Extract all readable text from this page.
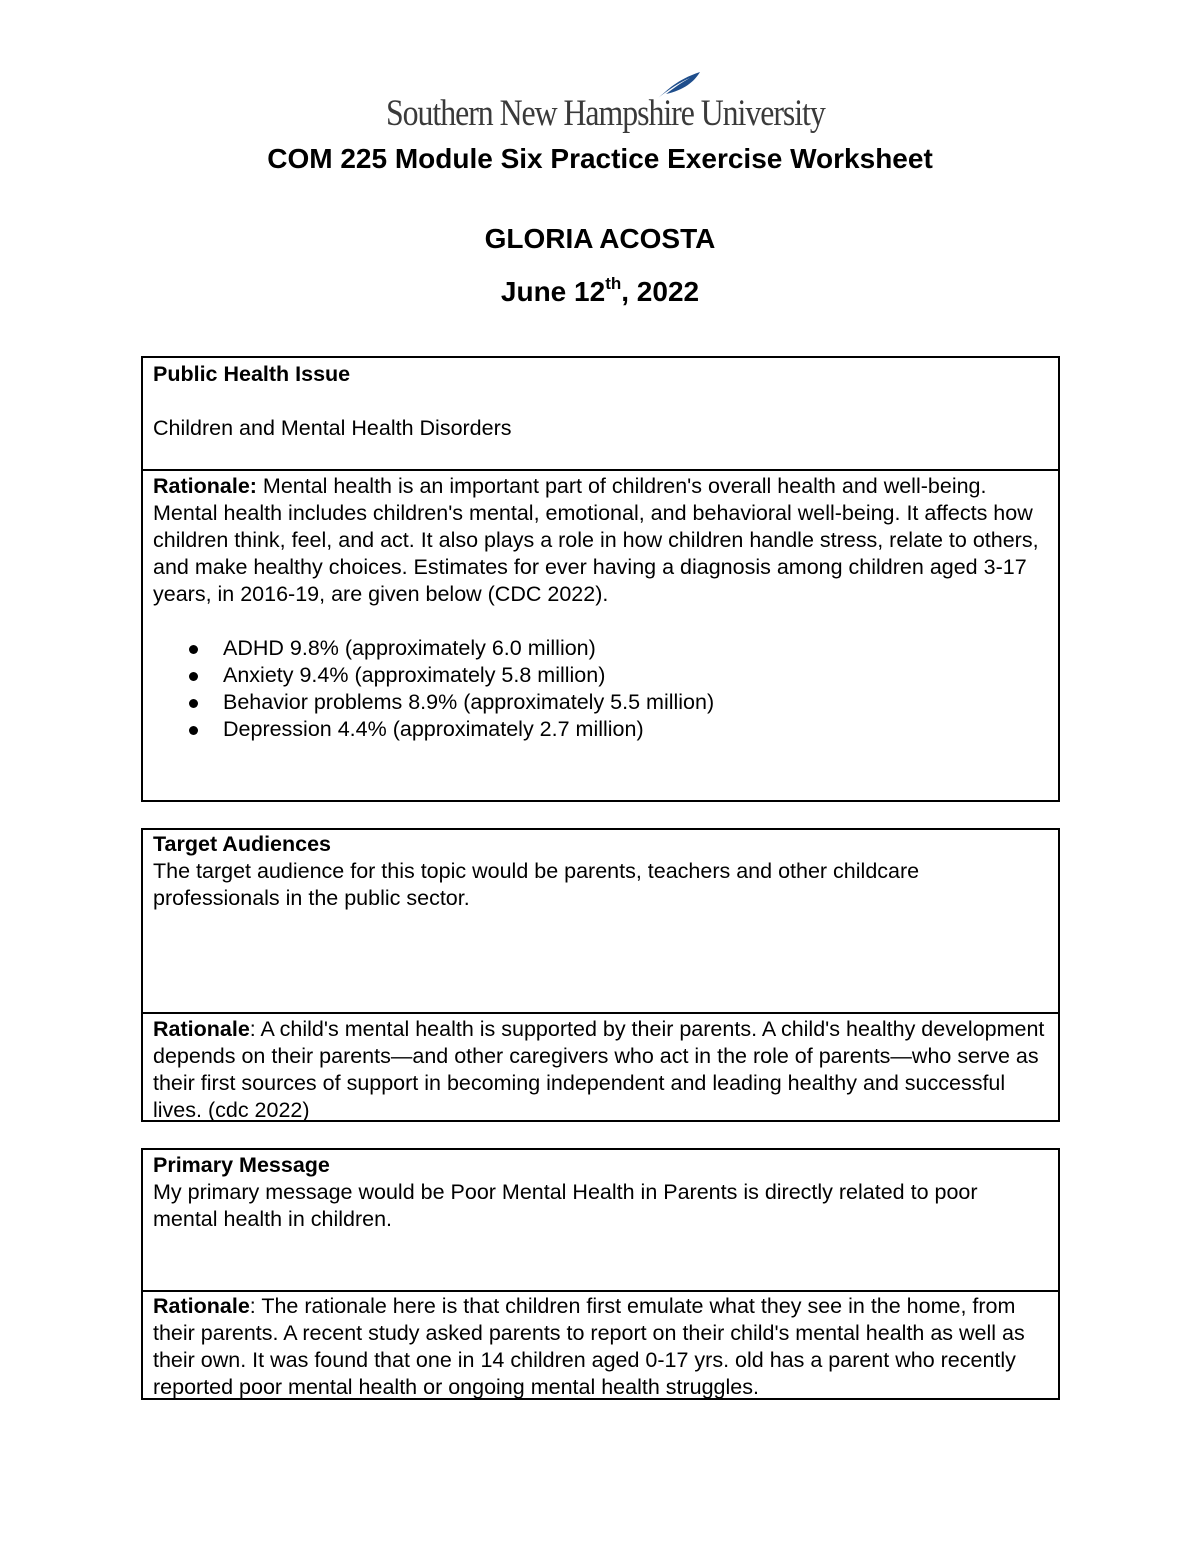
Southern New Hampshire University
COM 225 Module Six Practice Exercise Worksheet
GLORIA ACOSTA
June 12th, 2022

Public Health Issue

Children and Mental Health Disorders

Rationale: Mental health is an important part of children's overall health and well-being. Mental health includes children's mental, emotional, and behavioral well-being. It affects how children think, feel, and act. It also plays a role in how children handle stress, relate to others, and make healthy choices. Estimates for ever having a diagnosis among children aged 3-17 years, in 2016-19, are given below (CDC 2022).

ADHD 9.8% (approximately 6.0 million)
Anxiety 9.4% (approximately 5.8 million)
Behavior problems 8.9% (approximately 5.5 million)
Depression 4.4% (approximately 2.7 million)

Target Audiences

The target audience for this topic would be parents, teachers and other childcare professionals in the public sector.

Rationale: A child's mental health is supported by their parents. A child's healthy development depends on their parents—and other caregivers who act in the role of parents—who serve as their first sources of support in becoming independent and leading healthy and successful lives. (cdc 2022)

Primary Message

My primary message would be Poor Mental Health in Parents is directly related to poor mental health in children.

Rationale: The rationale here is that children first emulate what they see in the home, from their parents. A recent study asked parents to report on their child's mental health as well as their own. It was found that one in 14 children aged 0-17 yrs. old has a parent who recently reported poor mental health or ongoing mental health struggles.
